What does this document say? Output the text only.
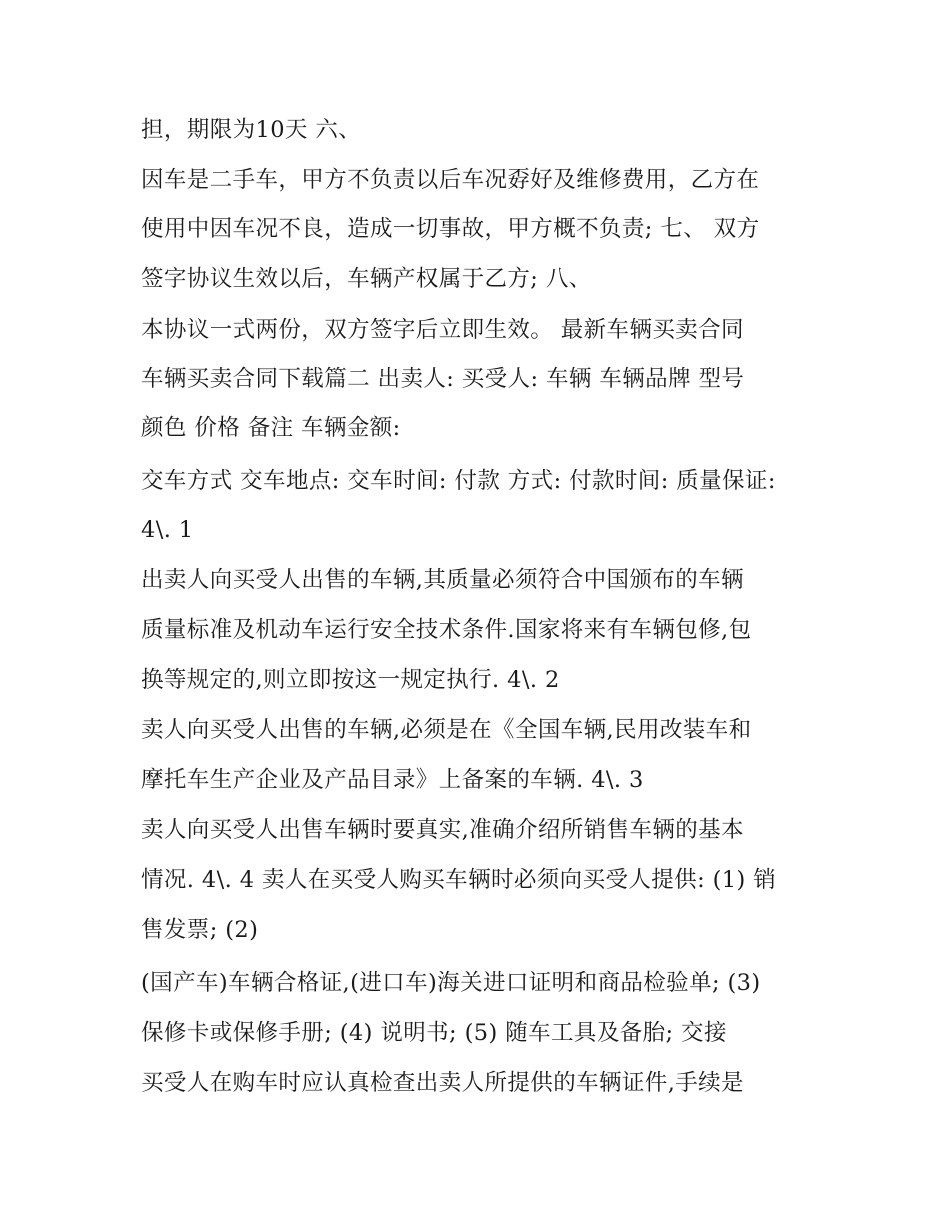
担，期限为10天 六、
因车是二手车，甲方不负责以后车况孬好及维修费用，乙方在
使用中因车况不良，造成一切事故，甲方概不负责; 七、 双方
签字协议生效以后，车辆产权属于乙方; 八、
本协议一式两份，双方签字后立即生效。 最新车辆买卖合同
车辆买卖合同下载篇二 出卖人: 买受人: 车辆 车辆品牌 型号
颜色 价格 备注 车辆金额:
交车方式 交车地点: 交车时间: 付款 方式: 付款时间: 质量保证:
4\. 1
出卖人向买受人出售的车辆,其质量必须符合中国颁布的车辆
质量标准及机动车运行安全技术条件.国家将来有车辆包修,包
换等规定的,则立即按这一规定执行. 4\. 2
卖人向买受人出售的车辆,必须是在《全国车辆,民用改装车和
摩托车生产企业及产品目录》上备案的车辆. 4\. 3
卖人向买受人出售车辆时要真实,准确介绍所销售车辆的基本
情况. 4\. 4 卖人在买受人购买车辆时必须向买受人提供: (1) 销
售发票; (2)
(国产车)车辆合格证,(进口车)海关进口证明和商品检验单; (3)
保修卡或保修手册; (4) 说明书; (5) 随车工具及备胎; 交接
买受人在购车时应认真检查出卖人所提供的车辆证件,手续是
